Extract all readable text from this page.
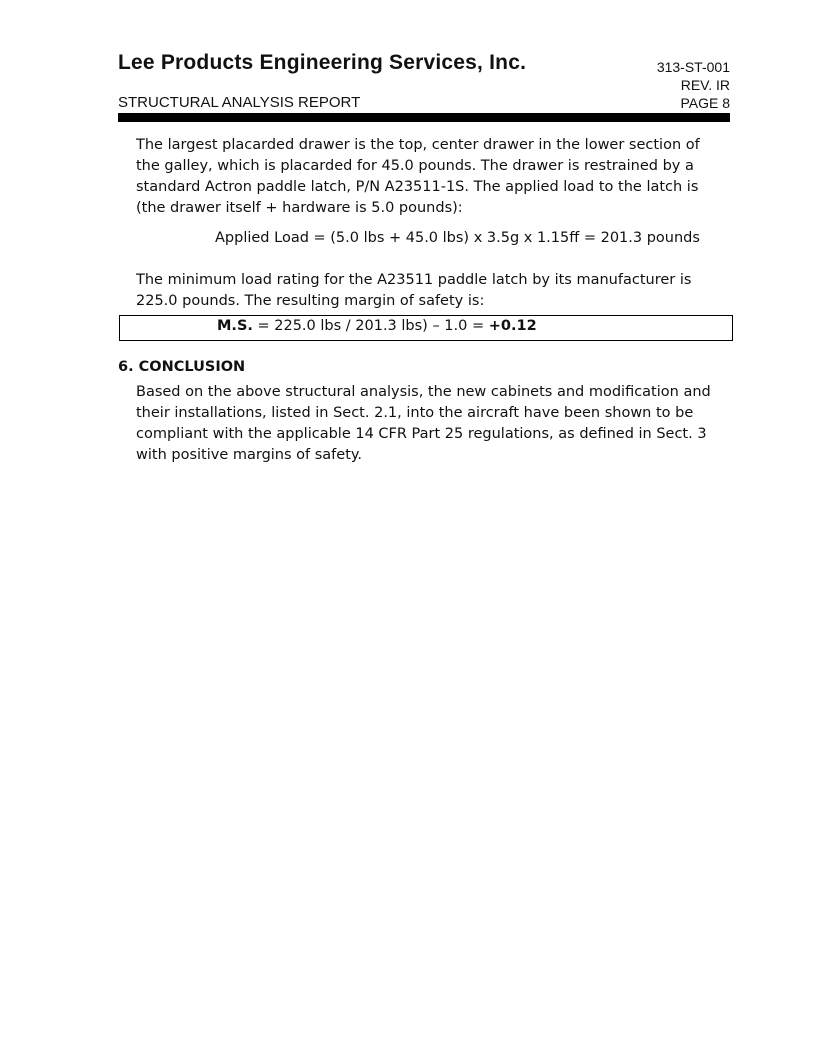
Lee Products Engineering Services, Inc.	313-ST-001
REV. IR
PAGE 8
STRUCTURAL ANALYSIS REPORT
The largest placarded drawer is the top, center drawer in the lower section of
the galley, which is placarded for 45.0 pounds. The drawer is restrained by a
standard Actron paddle latch, P/N A23511-1S. The applied load to the latch is
(the drawer itself + hardware is 5.0 pounds):
Applied Load = (5.0 lbs + 45.0 lbs) x 3.5g x 1.15ff = 201.3 pounds
The minimum load rating for the A23511 paddle latch by its manufacturer is
225.0 pounds. The resulting margin of safety is:
M.S. = 225.0 lbs / 201.3 lbs) – 1.0 = +0.12
6. CONCLUSION
Based on the above structural analysis, the new cabinets and modification and
their installations, listed in Sect. 2.1, into the aircraft have been shown to be
compliant with the applicable 14 CFR Part 25 regulations, as defined in Sect. 3
with positive margins of safety.
